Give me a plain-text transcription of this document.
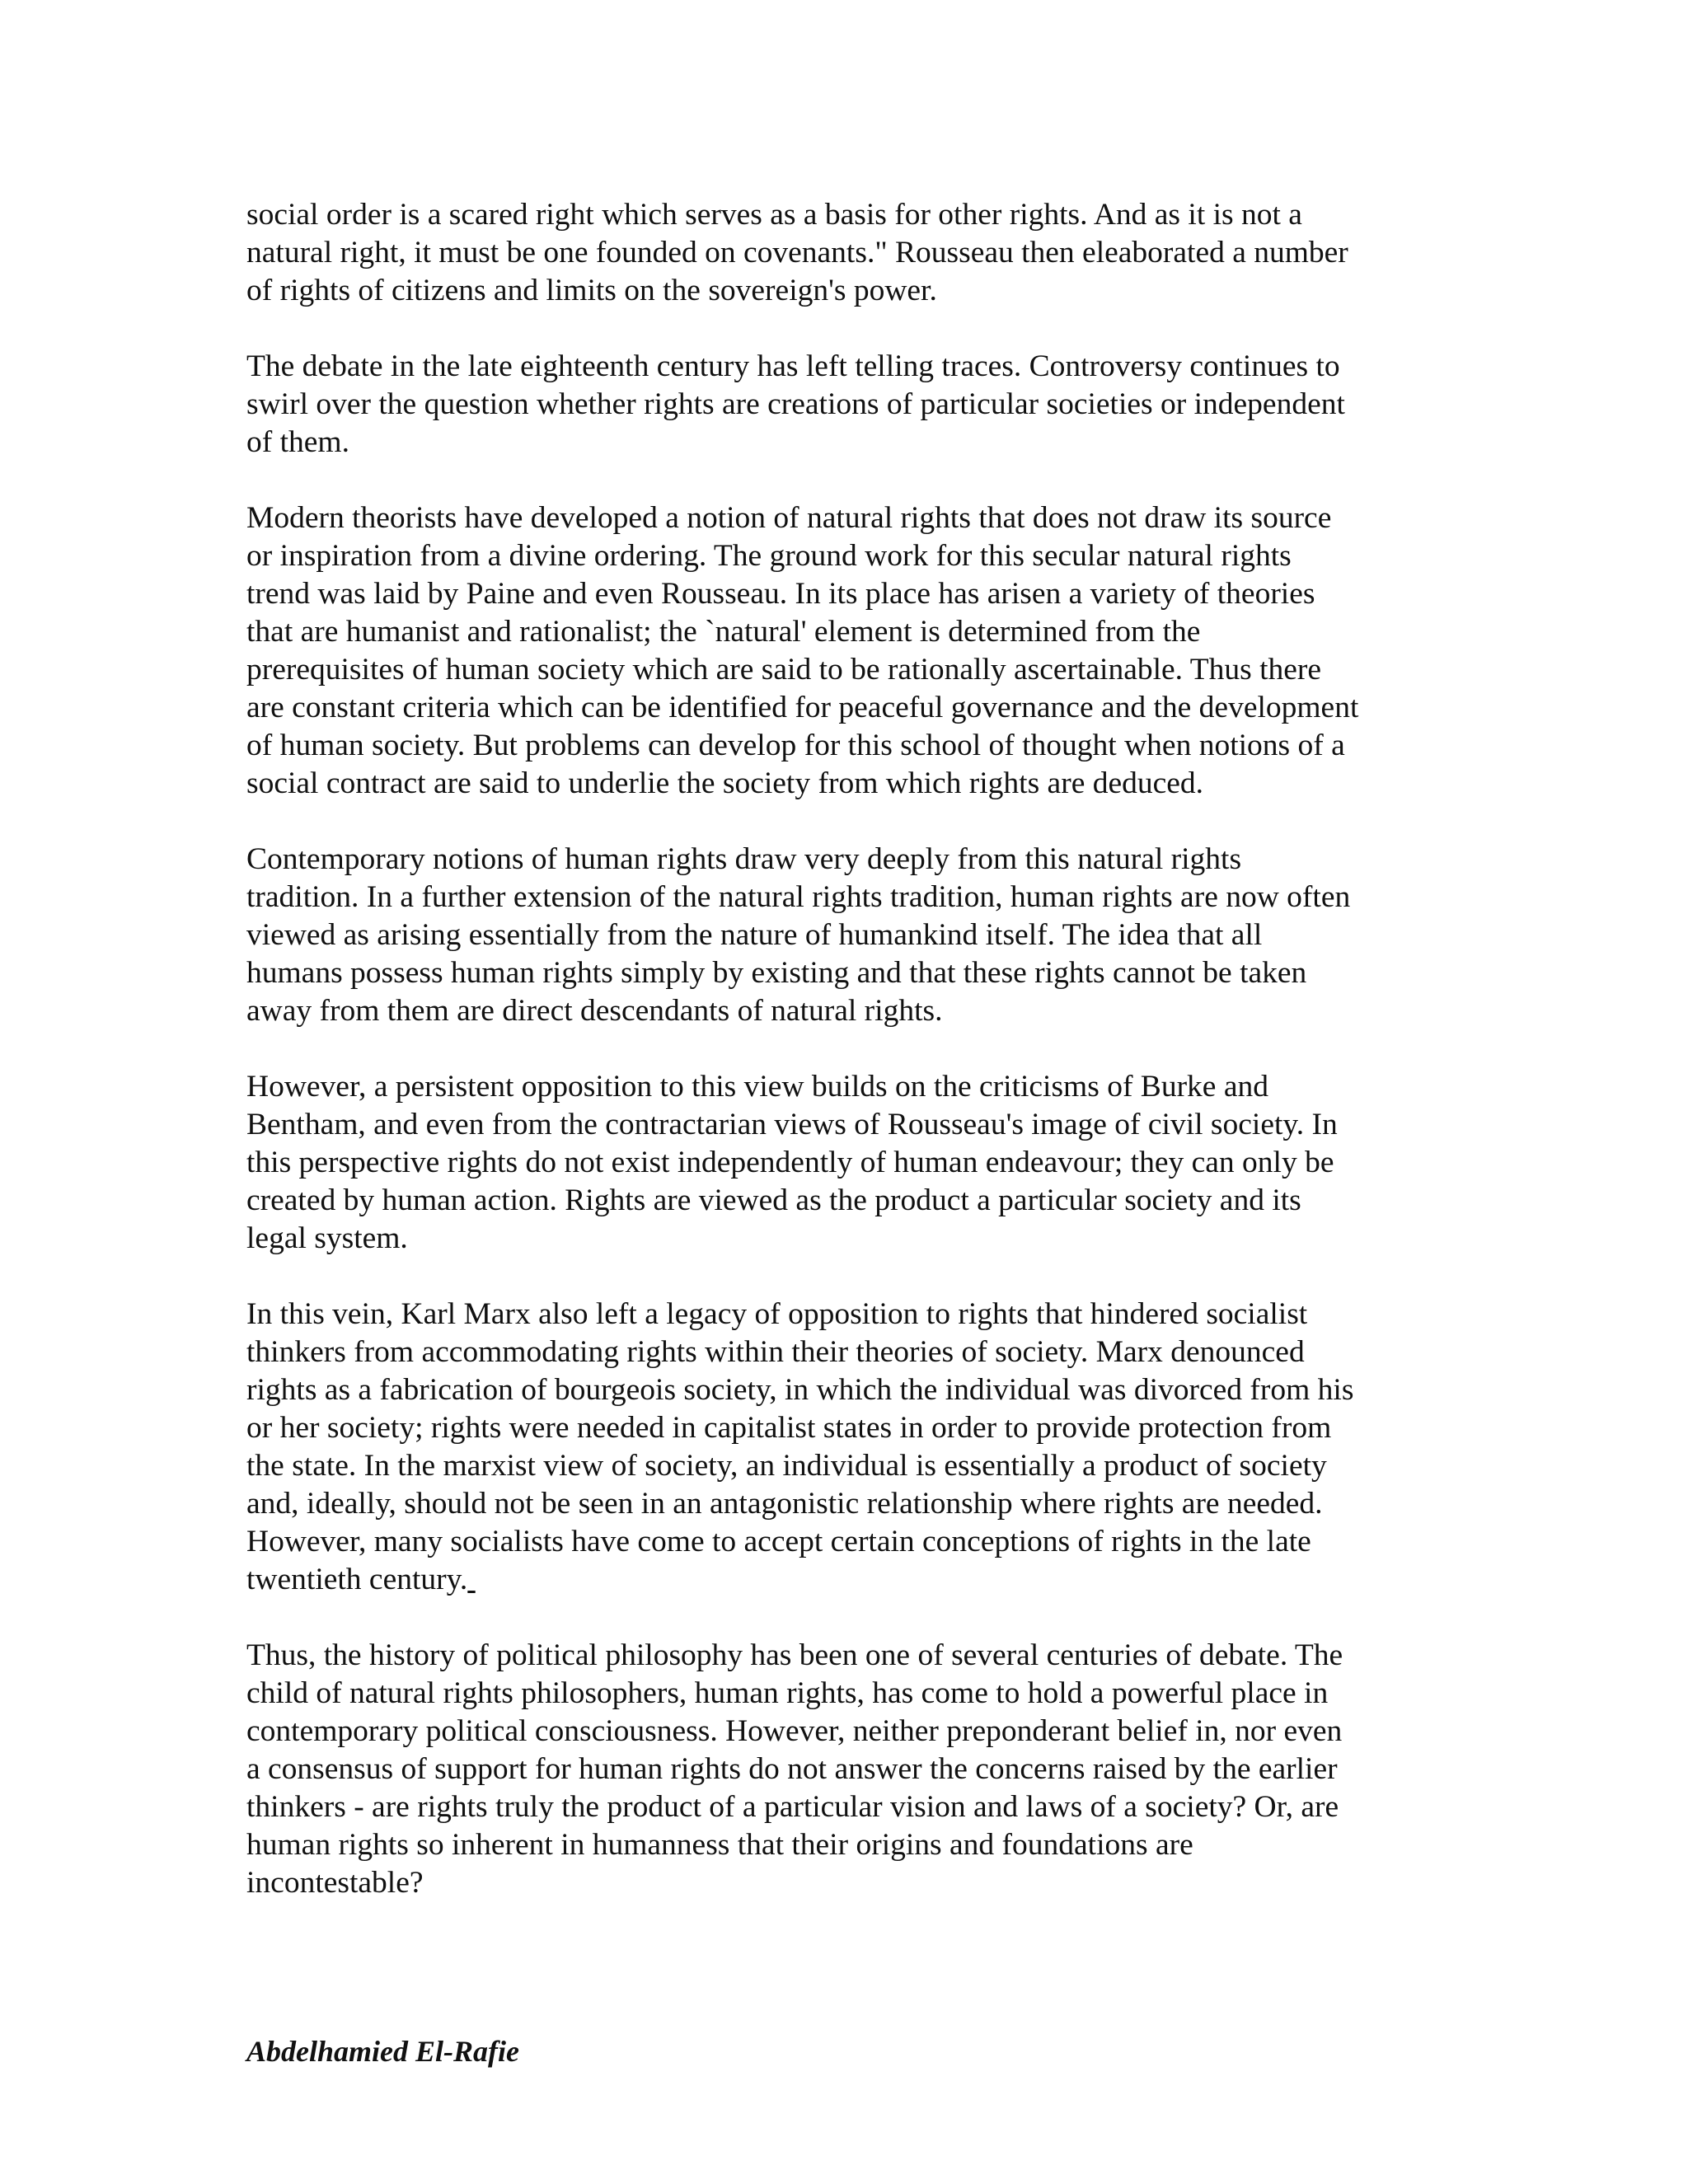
social order is a scared right which serves as a basis for other rights. And as it is not a
natural right, it must be one founded on covenants." Rousseau then eleaborated a number
of rights of citizens and limits on the sovereign's power.
The debate in the late eighteenth century has left telling traces. Controversy continues to
swirl over the question whether rights are creations of particular societies or independent
of them.
Modern theorists have developed a notion of natural rights that does not draw its source
or inspiration from a divine ordering. The ground work for this secular natural rights
trend was laid by Paine and even Rousseau. In its place has arisen a variety of theories
that are humanist and rationalist; the `natural' element is determined from the
prerequisites of human society which are said to be rationally ascertainable. Thus there
are constant criteria which can be identified for peaceful governance and the development
of human society. But problems can develop for this school of thought when notions of a
social contract are said to underlie the society from which rights are deduced.
Contemporary notions of human rights draw very deeply from this natural rights
tradition. In a further extension of the natural rights tradition, human rights are now often
viewed as arising essentially from the nature of humankind itself. The idea that all
humans possess human rights simply by existing and that these rights cannot be taken
away from them are direct descendants of natural rights.
However, a persistent opposition to this view builds on the criticisms of Burke and
Bentham, and even from the contractarian views of Rousseau's image of civil society. In
this perspective rights do not exist independently of human endeavour; they can only be
created by human action. Rights are viewed as the product a particular society and its
legal system.
In this vein, Karl Marx also left a legacy of opposition to rights that hindered socialist
thinkers from accommodating rights within their theories of society. Marx denounced
rights as a fabrication of bourgeois society, in which the individual was divorced from his
or her society; rights were needed in capitalist states in order to provide protection from
the state. In the marxist view of society, an individual is essentially a product of society
and, ideally, should not be seen in an antagonistic relationship where rights are needed.
However, many socialists have come to accept certain conceptions of rights in the late
twentieth century.
Thus, the history of political philosophy has been one of several centuries of debate. The
child of natural rights philosophers, human rights, has come to hold a powerful place in
contemporary political consciousness. However, neither preponderant belief in, nor even
a consensus of support for human rights do not answer the concerns raised by the earlier
thinkers - are rights truly the product of a particular vision and laws of a society? Or, are
human rights so inherent in humanness that their origins and foundations are
incontestable?
Abdelhamied El-Rafie
